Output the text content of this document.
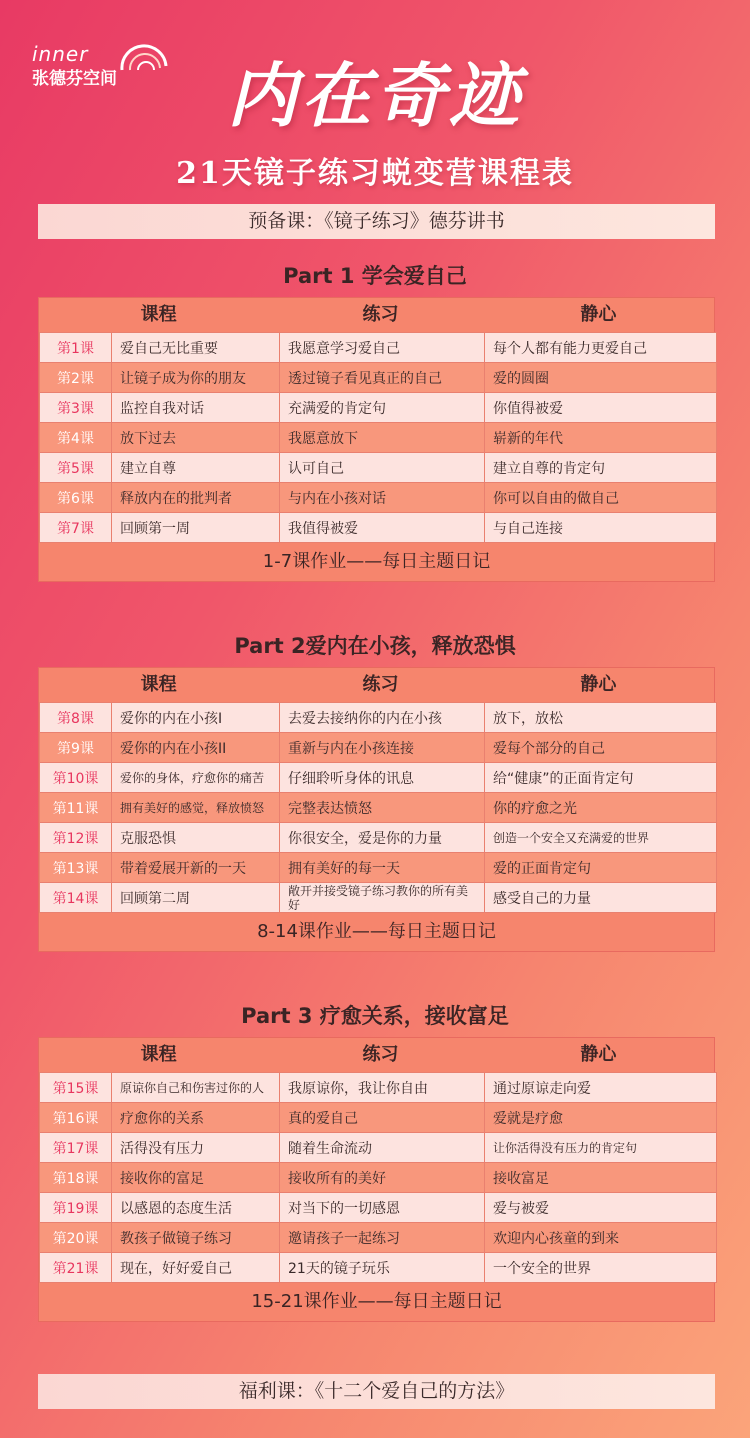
inner
张德芬空间	内在奇迹
21天镜子练习蜕变营课程表
预备课：《镜子练习》德芬讲书
Part 1 学会爱自己
课程	练习	静心
第1课	爱自己无比重要	我愿意学习爱自己	每个人都有能力更爱自己
第2课	让镜子成为你的朋友	透过镜子看见真正的自己	爱的圆圈
第3课	监控自我对话	充满爱的肯定句	你值得被爱
第4课	放下过去	我愿意放下	崭新的年代
第5课	建立自尊	认可自己	建立自尊的肯定句
第6课	释放内在的批判者	与内在小孩对话	你可以自由的做自己
第7课	回顾第一周	我值得被爱	与自己连接
1-7课作业——每日主题日记
Part 2爱内在小孩，释放恐惧
课程	练习	静心
第8课	爱你的内在小孩I	去爱去接纳你的内在小孩	放下，放松
第9课	爱你的内在小孩II	重新与内在小孩连接	爱每个部分的自己
第10课	爱你的身体，疗愈你的痛苦	仔细聆听身体的讯息	给“健康”的正面肯定句
第11课	拥有美好的感觉，释放愤怒	完整表达愤怒	你的疗愈之光
第12课	克服恐惧	你很安全，爱是你的力量	创造一个安全又充满爱的世界
第13课	带着爱展开新的一天	拥有美好的每一天	爱的正面肯定句
第14课	回顾第二周	敞开并接受镜子练习教你的所有美好	感受自己的力量
8-14课作业——每日主题日记
Part 3 疗愈关系，接收富足
课程	练习	静心
第15课	原谅你自己和伤害过你的人	我原谅你，我让你自由	通过原谅走向爱
第16课	疗愈你的关系	真的爱自己	爱就是疗愈
第17课	活得没有压力	随着生命流动	让你活得没有压力的肯定句
第18课	接收你的富足	接收所有的美好	接收富足
第19课	以感恩的态度生活	对当下的一切感恩	爱与被爱
第20课	教孩子做镜子练习	邀请孩子一起练习	欢迎内心孩童的到来
第21课	现在，好好爱自己	21天的镜子玩乐	一个安全的世界
15-21课作业——每日主题日记
福利课：《十二个爱自己的方法》
